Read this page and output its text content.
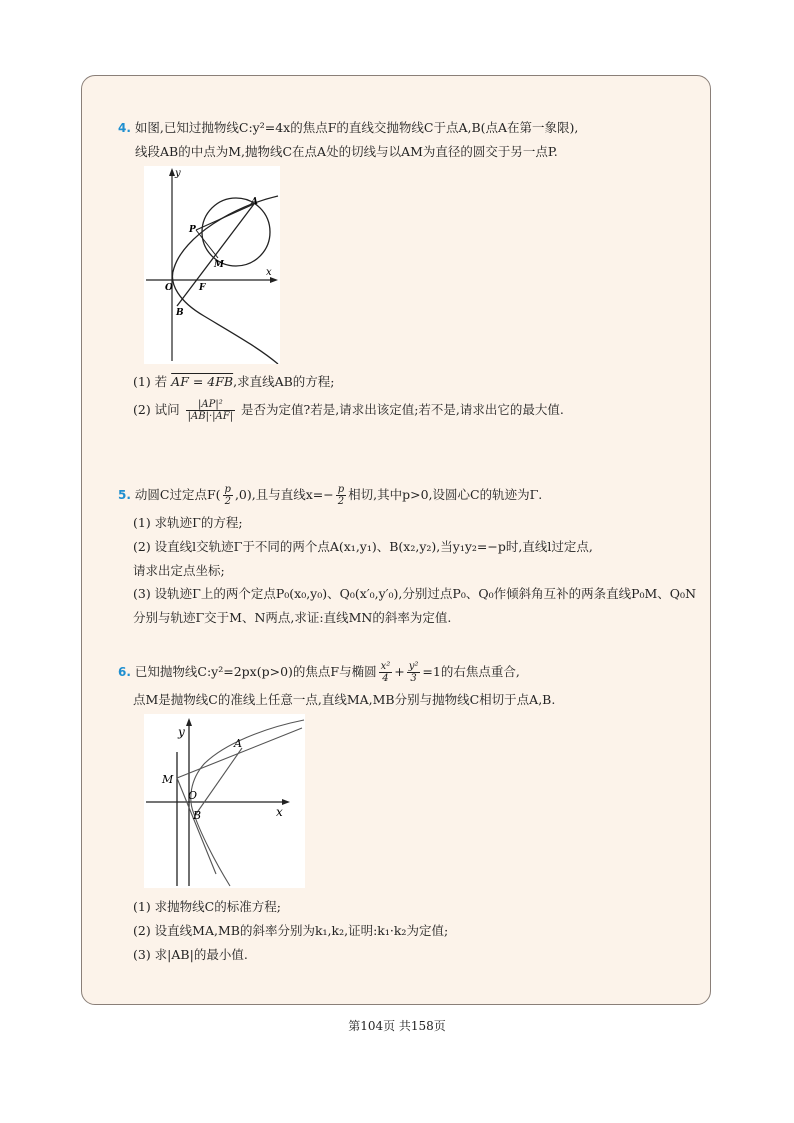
4. 如图,已知过抛物线C:y²=4x的焦点F的直线交抛物线C于点A,B(点A在第一象限),
线段AB的中点为M,抛物线C在点A处的切线与以AM为直径的圆交于另一点P.
y
x
A
P
M
O	F
B
(1) 若 AF = 4FB,求直线AB的方程;
(2) 试问 $\frac{\text{|AP|²}}{|AB|\cdot|AF|}$ 是否为定值?若是,请求出该定值;若不是,请求出它的最大值.
5. 动圆C过定点$F( \frac{p}{2} ,0)$,且与直线$x=- \frac{p}{2}$ 相切,其中p>0,设圆心C的轨迹为Γ.
(1) 求轨迹Γ的方程;
(2) 设直线l交轨迹Γ于不同的两个点A(x₁,y₁)、B(x₂,y₂),当y₁y₂=−p时,直线l过定点,
请求出定点坐标;
(3) 设轨迹Γ上的两个定点P₀(x₀,y₀)、Q₀(x′₀,y′₀),分别过点P₀、Q₀作倾斜角互补的两条直线P₀M、Q₀N
分别与轨迹Γ交于M、N两点,求证:直线MN的斜率为定值.
6. 已知抛物线C:y²=2px(p>0)的焦点F与椭圆 $\frac{\text{x²}}{4} + \frac{\text{y²}}{3} =1$的右焦点重合,
点M是抛物线C的准线上任意一点,直线MA,MB分别与抛物线C相切于点A,B.
y
x
A
M
O
B
(1) 求抛物线C的标准方程;
(2) 设直线MA,MB的斜率分别为k₁,k₂,证明:k₁·k₂为定值;
(3) 求|AB|的最小值.
第104页 共158页
